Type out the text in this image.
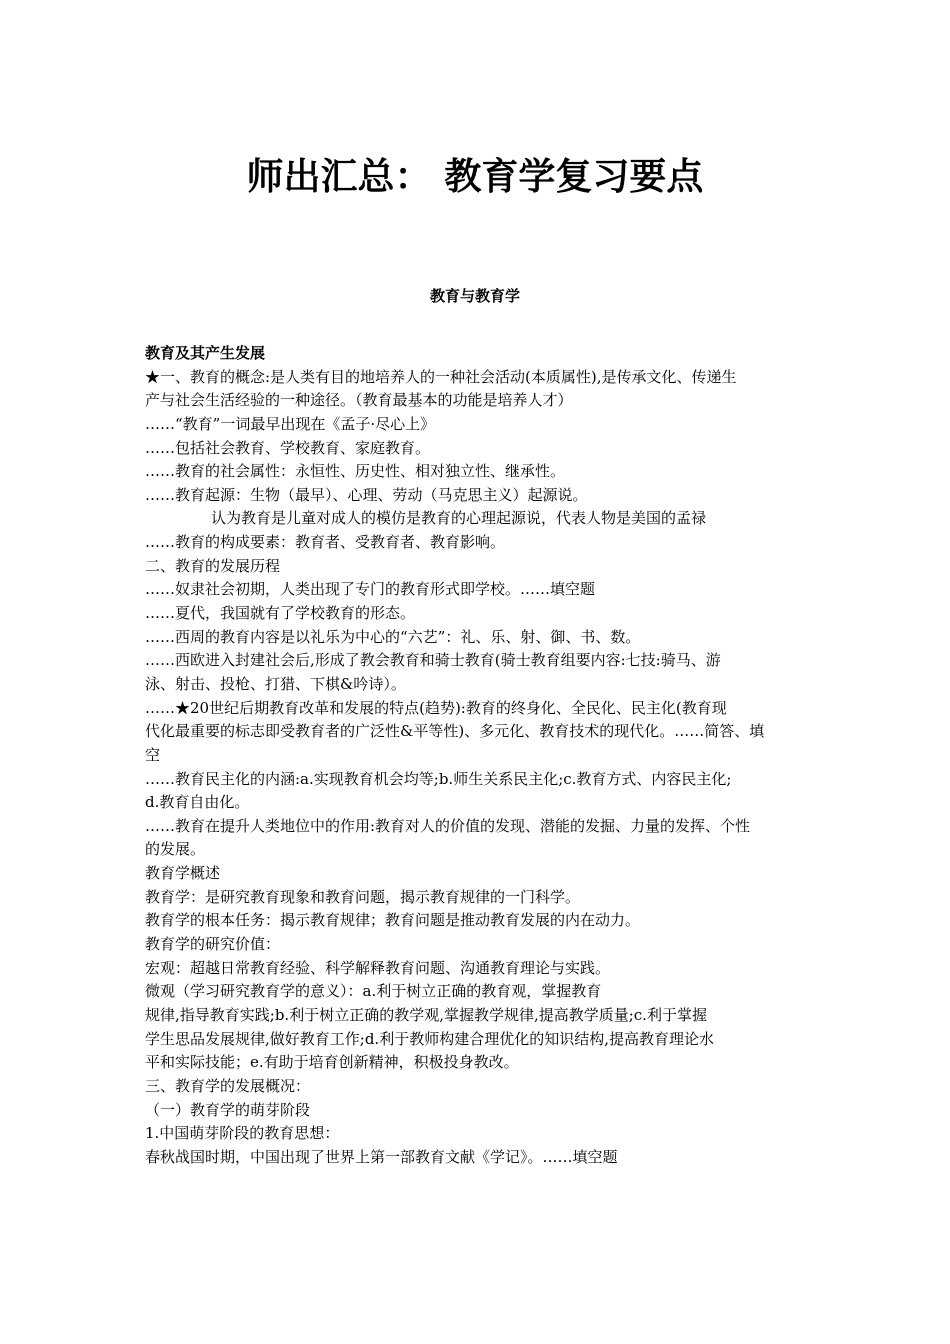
师出汇总： 教育学复习要点
教育与教育学

教育及其产生发展

★一、教育的概念:是人类有目的地培养人的一种社会活动(本质属性),是传承文化、传递生

产与社会生活经验的一种途径。（教育最基本的功能是培养人才）

……“教育”一词最早出现在《孟子·尽心上》

……包括社会教育、学校教育、家庭教育。

……教育的社会属性：永恒性、历史性、相对独立性、继承性。

……教育起源：生物（最早）、心理、劳动（马克思主义）起源说。

认为教育是儿童对成人的模仿是教育的心理起源说，代表人物是美国的孟禄

……教育的构成要素：教育者、受教育者、教育影响。

二、教育的发展历程

……奴隶社会初期，人类出现了专门的教育形式即学校。……填空题

……夏代，我国就有了学校教育的形态。

……西周的教育内容是以礼乐为中心的“六艺”：礼、乐、射、御、书、数。

……西欧进入封建社会后,形成了教会教育和骑士教育(骑士教育组要内容:七技:骑马、游

泳、射击、投枪、打猎、下棋&吟诗）。

……★20世纪后期教育改革和发展的特点(趋势):教育的终身化、全民化、民主化(教育现

代化最重要的标志即受教育者的广泛性&平等性)、多元化、教育技术的现代化。……简答、填

空

……教育民主化的内涵:a.实现教育机会均等;b.师生关系民主化;c.教育方式、内容民主化;

d.教育自由化。

……教育在提升人类地位中的作用:教育对人的价值的发现、潜能的发掘、力量的发挥、个性

的发展。

教育学概述

教育学：是研究教育现象和教育问题，揭示教育规律的一门科学。

教育学的根本任务：揭示教育规律；教育问题是推动教育发展的内在动力。

教育学的研究价值：

宏观：超越日常教育经验、科学解释教育问题、沟通教育理论与实践。

微观（学习研究教育学的意义）：a.利于树立正确的教育观，掌握教育

规律,指导教育实践;b.利于树立正确的教学观,掌握教学规律,提高教学质量;c.利于掌握

学生思品发展规律,做好教育工作;d.利于教师构建合理优化的知识结构,提高教育理论水

平和实际技能；e.有助于培育创新精神，积极投身教改。

三、教育学的发展概况：

（一）教育学的萌芽阶段

1.中国萌芽阶段的教育思想：

春秋战国时期，中国出现了世界上第一部教育文献《学记》。……填空题
